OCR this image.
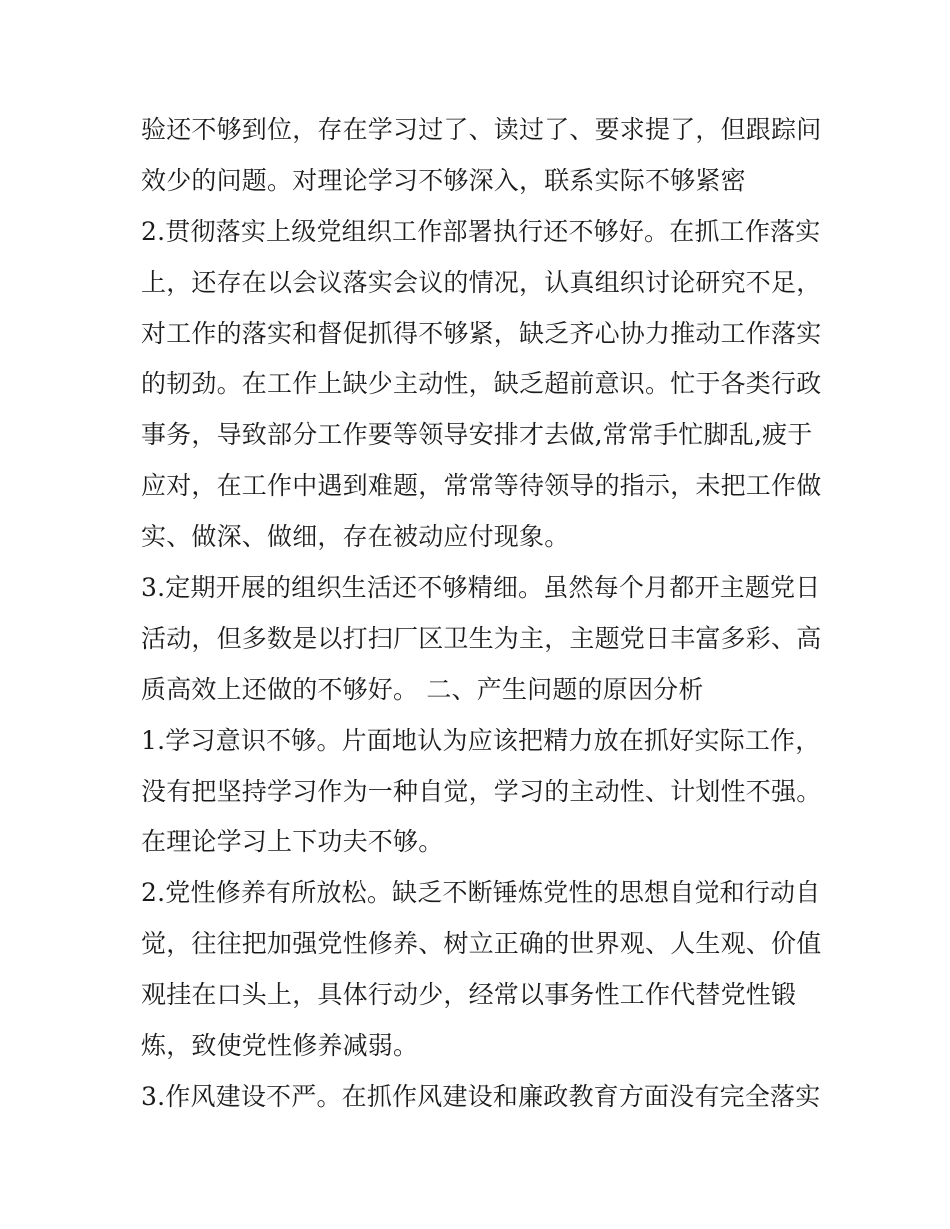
验还不够到位，存在学习过了、读过了、要求提了，但跟踪问
效少的问题。对理论学习不够深入，联系实际不够紧密
2.贯彻落实上级党组织工作部署执行还不够好。在抓工作落实
上，还存在以会议落实会议的情况，认真组织讨论研究不足，
对工作的落实和督促抓得不够紧，缺乏齐心协力推动工作落实
的韧劲。在工作上缺少主动性，缺乏超前意识。忙于各类行政
事务，导致部分工作要等领导安排才去做,常常手忙脚乱,疲于
应对，在工作中遇到难题，常常等待领导的指示，未把工作做
实、做深、做细，存在被动应付现象。
3.定期开展的组织生活还不够精细。虽然每个月都开主题党日
活动，但多数是以打扫厂区卫生为主，主题党日丰富多彩、高
质高效上还做的不够好。 二、产生问题的原因分析
1.学习意识不够。片面地认为应该把精力放在抓好实际工作，
没有把坚持学习作为一种自觉，学习的主动性、计划性不强。
在理论学习上下功夫不够。
2.党性修养有所放松。缺乏不断锤炼党性的思想自觉和行动自
觉，往往把加强党性修养、树立正确的世界观、人生观、价值
观挂在口头上，具体行动少，经常以事务性工作代替党性锻
炼，致使党性修养减弱。
3.作风建设不严。在抓作风建设和廉政教育方面没有完全落实
